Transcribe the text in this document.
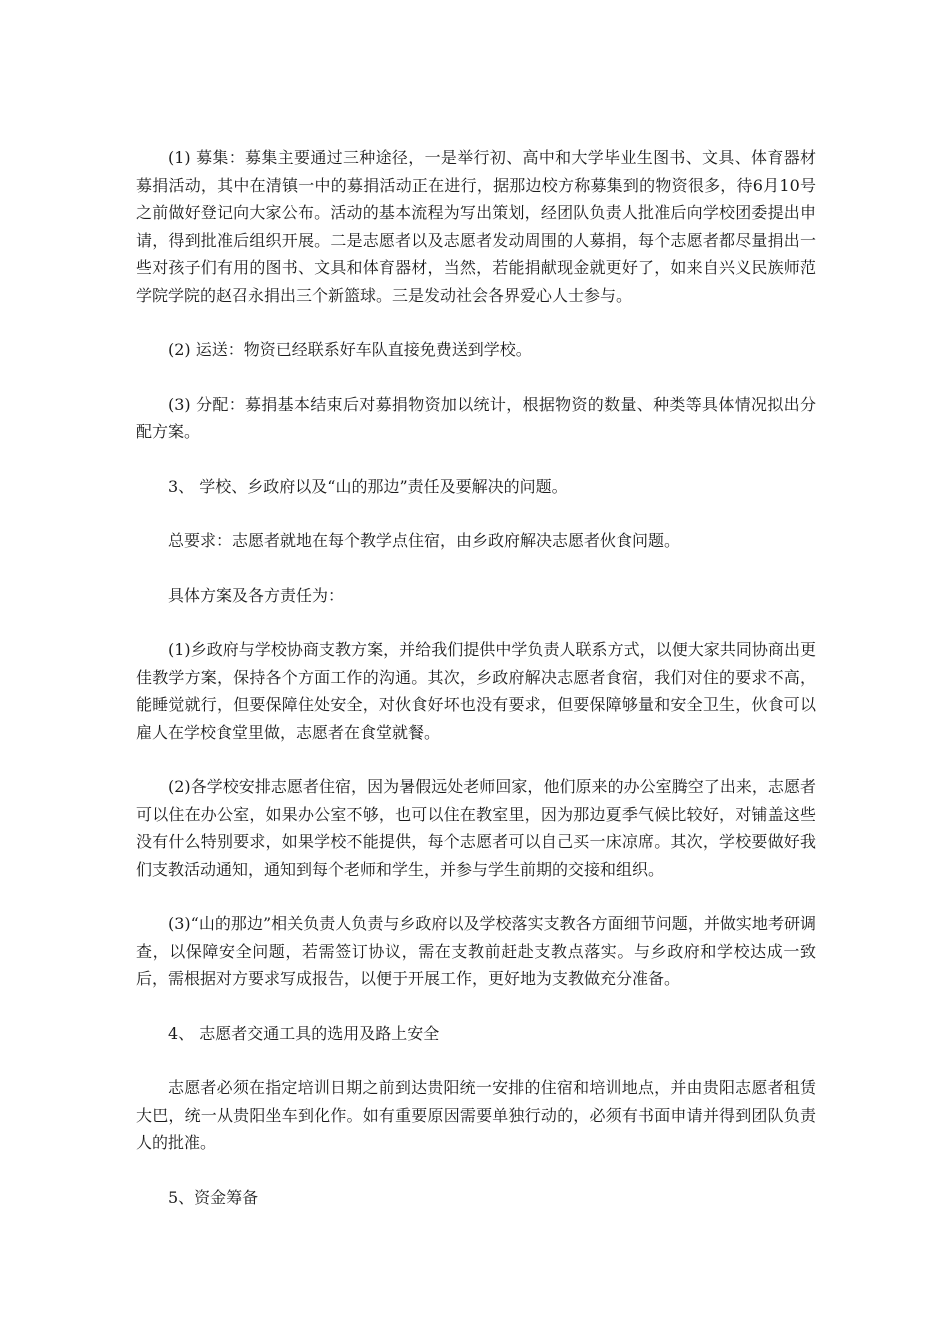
(1) 募集：募集主要通过三种途径，一是举行初、高中和大学毕业生图书、文具、体育器材募捐活动，其中在清镇一中的募捐活动正在进行，据那边校方称募集到的物资很多，待6月10号之前做好登记向大家公布。活动的基本流程为写出策划，经团队负责人批准后向学校团委提出申请，得到批准后组织开展。二是志愿者以及志愿者发动周围的人募捐，每个志愿者都尽量捐出一些对孩子们有用的图书、文具和体育器材，当然，若能捐献现金就更好了，如来自兴义民族师范学院学院的赵召永捐出三个新篮球。三是发动社会各界爱心人士参与。

(2) 运送：物资已经联系好车队直接免费送到学校。

(3) 分配：募捐基本结束后对募捐物资加以统计，根据物资的数量、种类等具体情况拟出分配方案。

3、 学校、乡政府以及“山的那边”责任及要解决的问题。

总要求：志愿者就地在每个教学点住宿，由乡政府解决志愿者伙食问题。

具体方案及各方责任为：

(1)乡政府与学校协商支教方案，并给我们提供中学负责人联系方式，以便大家共同协商出更佳教学方案，保持各个方面工作的沟通。其次，乡政府解决志愿者食宿，我们对住的要求不高，能睡觉就行，但要保障住处安全，对伙食好坏也没有要求，但要保障够量和安全卫生，伙食可以雇人在学校食堂里做，志愿者在食堂就餐。

(2)各学校安排志愿者住宿，因为暑假远处老师回家，他们原来的办公室腾空了出来，志愿者可以住在办公室，如果办公室不够，也可以住在教室里，因为那边夏季气候比较好，对铺盖这些没有什么特别要求，如果学校不能提供，每个志愿者可以自己买一床凉席。其次，学校要做好我们支教活动通知，通知到每个老师和学生，并参与学生前期的交接和组织。

(3)“山的那边”相关负责人负责与乡政府以及学校落实支教各方面细节问题，并做实地考研调查，以保障安全问题，若需签订协议，需在支教前赶赴支教点落实。与乡政府和学校达成一致后，需根据对方要求写成报告，以便于开展工作，更好地为支教做充分准备。

4、 志愿者交通工具的选用及路上安全

志愿者必须在指定培训日期之前到达贵阳统一安排的住宿和培训地点，并由贵阳志愿者租赁大巴，统一从贵阳坐车到化作。如有重要原因需要单独行动的，必须有书面申请并得到团队负责人的批准。

5、资金筹备
